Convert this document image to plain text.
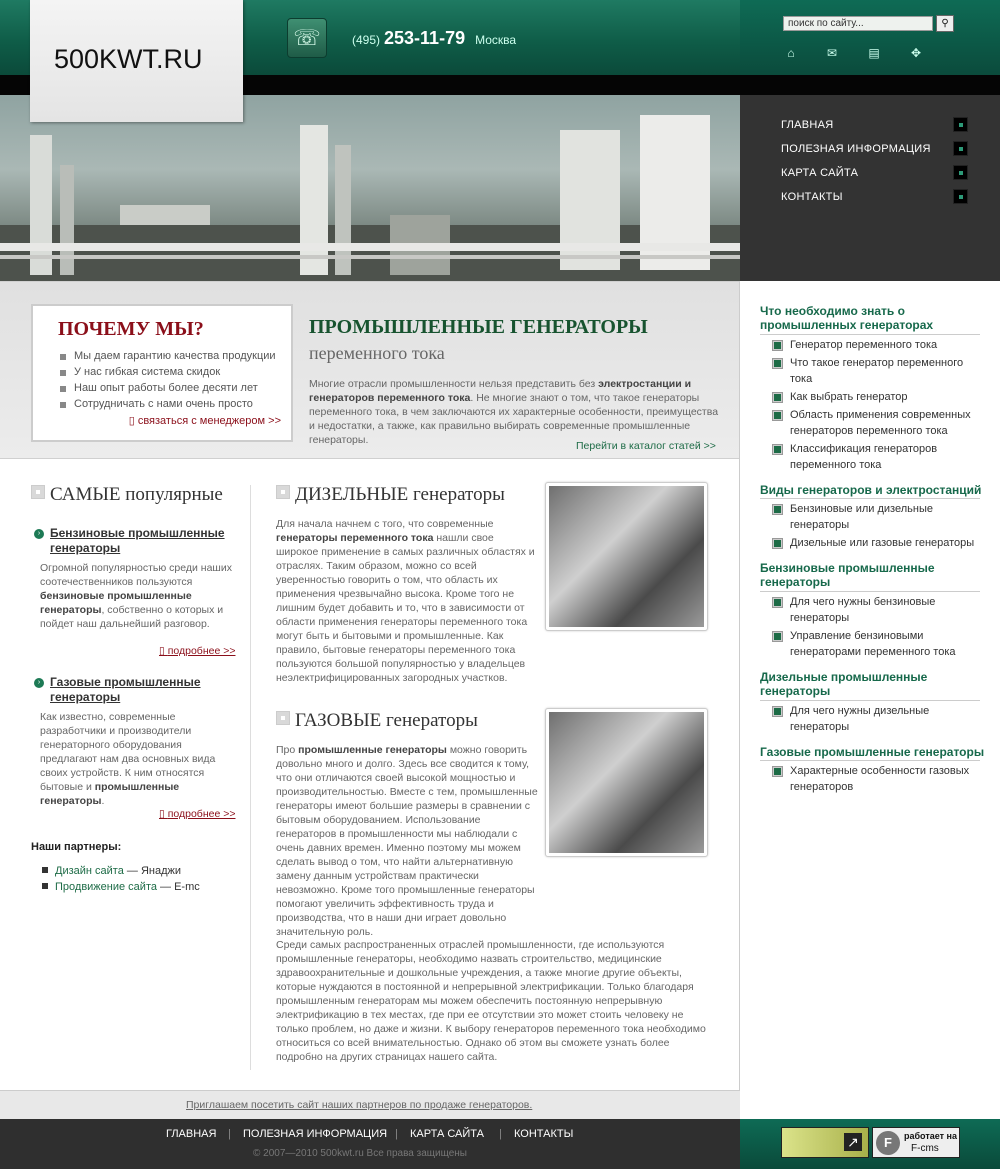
500KWT.RU
☏	(495) 253-11-79 Москва
поиск по сайту...
⚲
⌂	✉	▤	✥
ГЛАВНАЯ
ПОЛЕЗНАЯ ИНФОРМАЦИЯ
КАРТА САЙТА
КОНТАКТЫ
ПОЧЕМУ МЫ?
Мы даем гарантию качества продукции
У нас гибкая система скидок
Наш опыт работы более десяти лет
Сотрудничать с нами очень просто
▯ связаться с менеджером >>
ПРОМЫШЛЕННЫЕ ГЕНЕРАТОРЫ
переменного тока
Многие отрасли промышленности нельзя представить без электростанции и генераторов переменного тока. Не многие знают о том, что такое генераторы переменного тока, в чем заключаются их характерные особенности, преимущества и недостатки, а также, как правильно выбирать современные промышленные генераторы.	Перейти в каталог статей >>
САМЫЕ популярные
› Бензиновые промышленные генераторы
Огромной популярностью среди наших соотечественников пользуются бензиновые промышленные генераторы, собственно о которых и пойдет наш дальнейший разговор.
▯ подробнее >>
› Газовые промышленные генераторы
Как известно, современные разработчики и производители генераторного оборудования предлагают нам два основных вида своих устройств. К ним относятся бытовые и промышленные генераторы.
▯ подробнее >>
Наши партнеры:
Дизайн сайта — Янаджи
Продвижение сайта — E-mc
ДИЗЕЛЬНЫЕ генераторы
Для начала начнем с того, что современные генераторы переменного тока нашли свое широкое применение в самых различных областях и отраслях. Таким образом, можно со всей уверенностью говорить о том, что область их применения чрезвычайно высока. Кроме того не лишним будет добавить и то, что в зависимости от области применения генераторы переменного тока могут быть и бытовыми и промышленные. Как правило, бытовые генераторы переменного тока пользуются большой популярностью у владельцев неэлектрифицированных загородных участков.
ГАЗОВЫЕ генераторы
Про промышленные генераторы можно говорить довольно много и долго. Здесь все сводится к тому, что они отличаются своей высокой мощностью и производительностью. Вместе с тем, промышленные генераторы имеют большие размеры в сравнении с бытовым оборудованием. Использование генераторов в промышленности мы наблюдали с очень давних времен. Именно поэтому мы можем сделать вывод о том, что найти альтернативную замену данным устройствам практически невозможно. Кроме того промышленные генераторы помогают увеличить эффективность труда и производства, что в наши дни играет довольно значительную роль.
Среди самых распространенных отраслей промышленности, где используются промышленные генераторы, необходимо назвать строительство, медицинские здравоохранительные и дошкольные учреждения, а также многие другие объекты, которые нуждаются в постоянной и непрерывной электрификации. Только благодаря промышленным генераторам мы можем обеспечить постоянную непрерывную электрификацию в тех местах, где при ее отсутствии это может стоить человеку не только проблем, но даже и жизни. К выбору генераторов переменного тока необходимо относиться со всей внимательностью. Однако об этом вы сможете узнать более подробно на других страницах нашего сайта.
Что необходимо знать о промышленных генераторах
Генератор переменного тока
Что такое генератор переменного тока
Как выбрать генератор
Область применения современных генераторов переменного тока
Классификация генераторов переменного тока
Виды генераторов и электростанций
Бензиновые или дизельные генераторы
Дизельные или газовые генераторы
Бензиновые промышленные генераторы
Для чего нужны бензиновые генераторы
Управление бензиновыми генераторами переменного тока
Дизельные промышленные генераторы
Для чего нужны дизельные генераторы
Газовые промышленные генераторы
Характерные особенности газовых генераторов
Приглашаем посетить сайт наших партнеров по продаже генераторов.
ГЛАВНАЯ | ПОЛЕЗНАЯ ИНФОРМАЦИЯ | КАРТА САЙТА | КОНТАКТЫ
© 2007—2010 500kwt.ru Все права защищены
↗	F	работает на
F-cms
